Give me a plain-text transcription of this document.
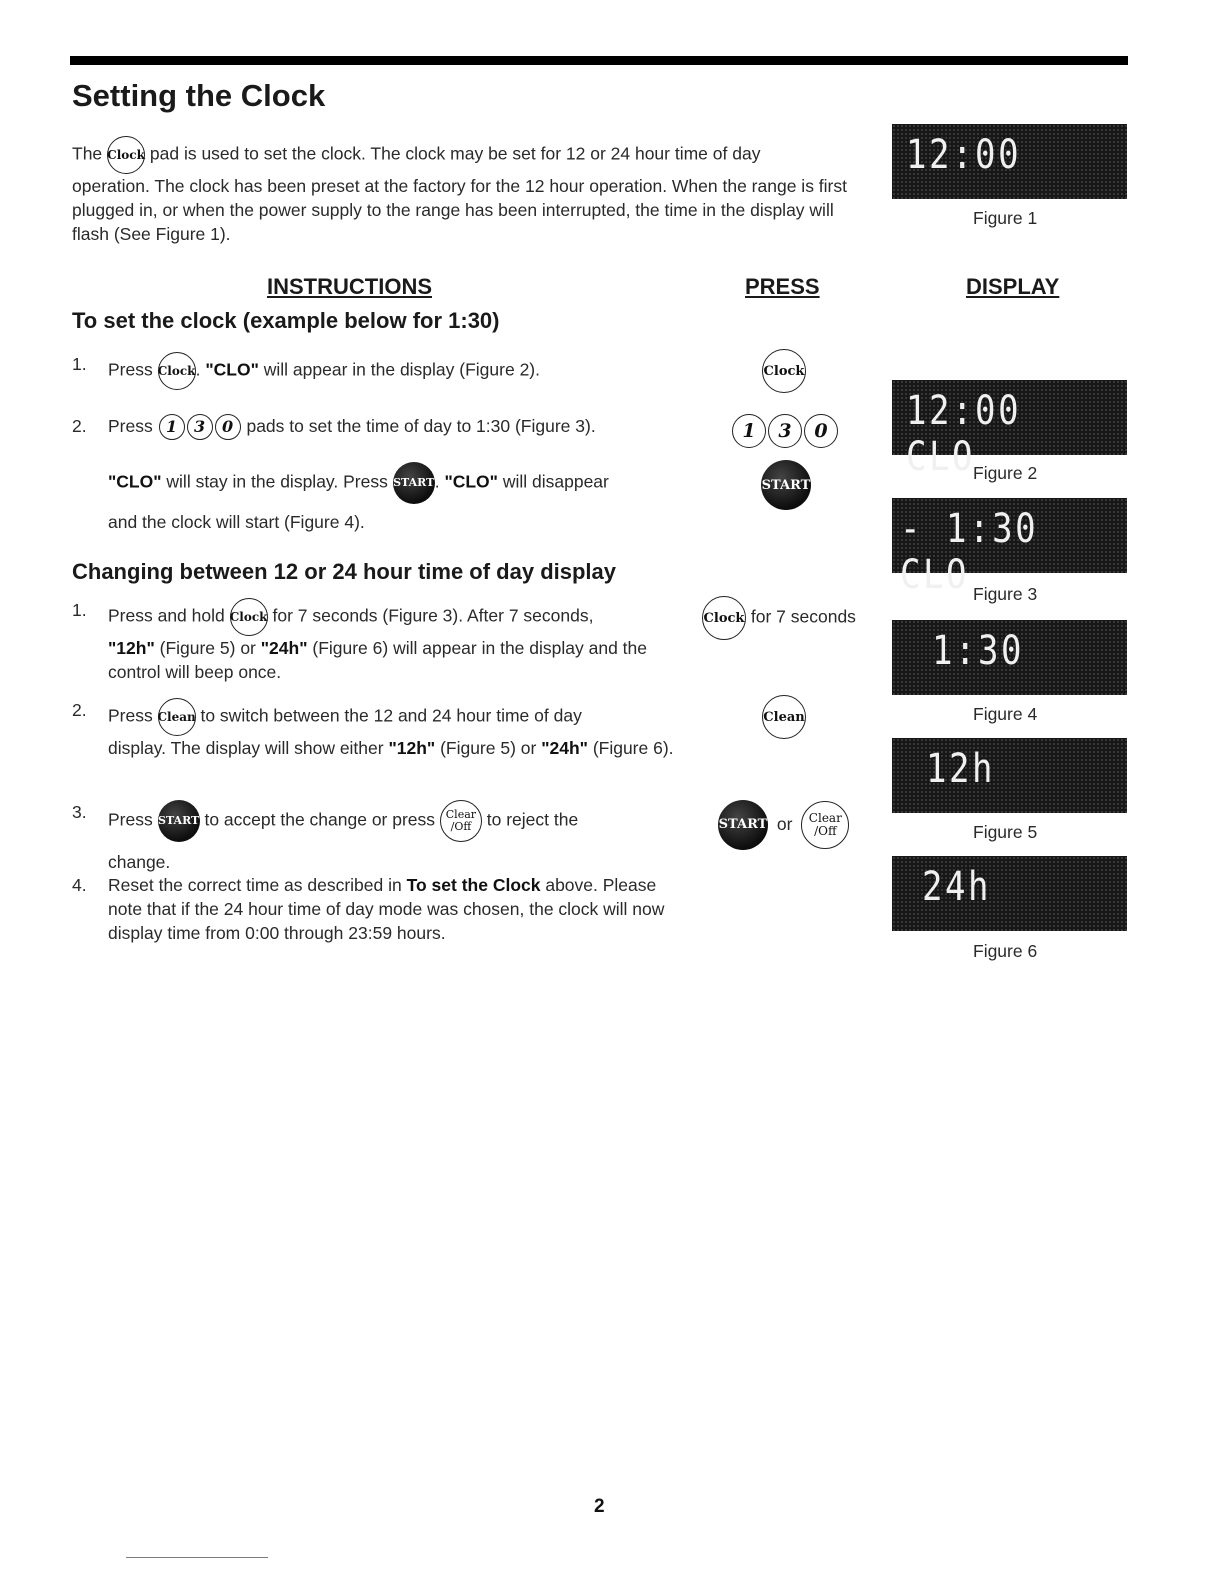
Setting the Clock
The Clock pad is used to set the clock. The clock may be set for 12 or 24 hour time of day
operation. The clock has been preset at the factory for the 12 hour operation. When the range is first plugged in, or when the power supply to the range has been interrupted, the time in the display will flash (See Figure 1).
INSTRUCTIONS	PRESS	DISPLAY
To set the clock (example below for 1:30)
1. Press Clock. "CLO" will appear in the display (Figure 2).
2. Press 1 3 0 pads to set the time of day to 1:30 (Figure 3).
"CLO" will stay in the display. Press START. "CLO" will disappear
and the clock will start (Figure 4).
Changing between 12 or 24 hour time of day display
1. Press and hold Clock for 7 seconds (Figure 3). After 7 seconds,
"12h" (Figure 5) or "24h" (Figure 6) will appear in the display and the control will beep once.
2. Press Clean to switch between the 12 and 24 hour time of day
display. The display will show either "12h" (Figure 5) or "24h" (Figure 6).
3. Press START to accept the change or press Clear
/Off to reject the
change.
4. Reset the correct time as described in To set the Clock above. Please note that if the 24 hour time of day mode was chosen, the clock will now display time from 0:00 through 23:59 hours.
Clock
1 3 0
START
Clock for 7 seconds
Clean
START or Clear
/Off
12:00
Figure 1
12:00 CLO
Figure 2
- 1:30 CLO Figure 3
1:30
Figure 4
12h
Figure 5
24h
Figure 6
2
